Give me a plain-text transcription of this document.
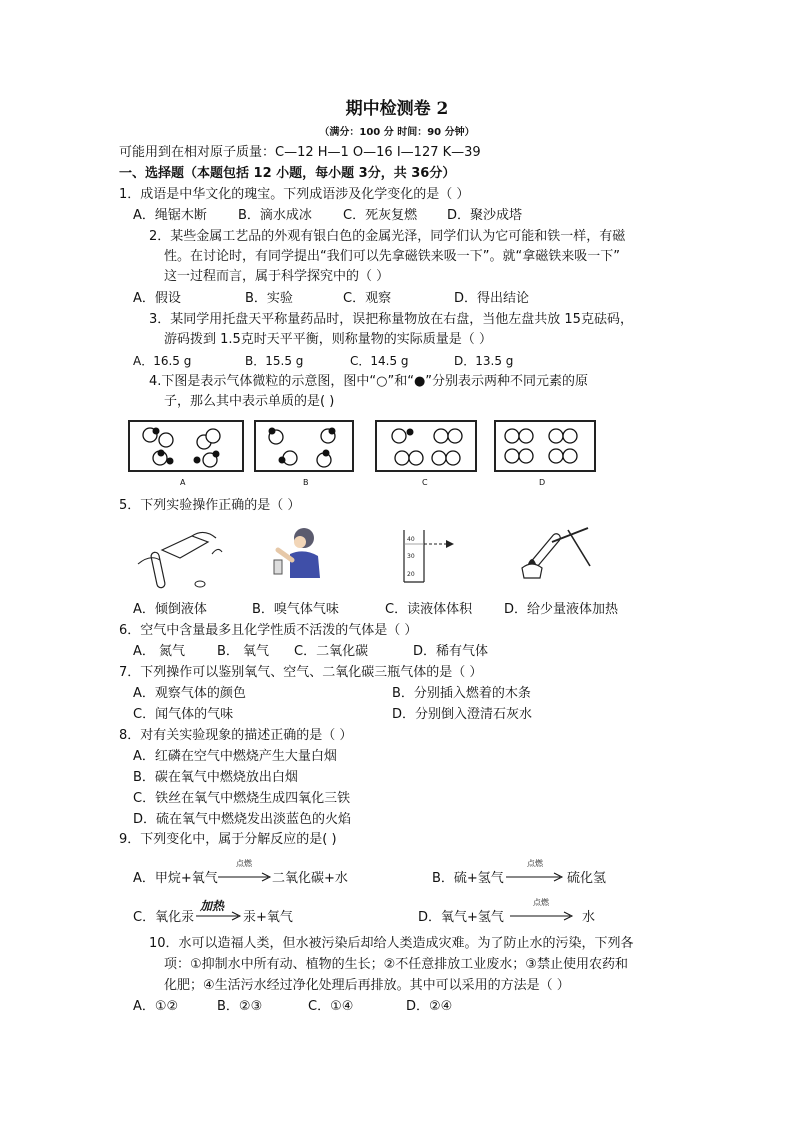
期中检测卷 2
（满分：100 分 时间：90 分钟）
可能用到在相对原子质量：C—12 H—1 O—16 I—127 K—39
一、选择题（本题包括 12 小题，每小题 3分，共 36分）
1．成语是中华文化的瑰宝。下列成语涉及化学变化的是（ ）
A．绳锯木断 B．滴水成冰 C．死灰复燃 D．聚沙成塔
2．某些金属工艺品的外观有银白色的金属光泽，同学们认为它可能和铁一样，有磁
性。在讨论时，有同学提出“我们可以先拿磁铁来吸一下”。就“拿磁铁来吸一下”
这一过程而言，属于科学探究中的（ ）
A．假设	B．实验	C．观察	D．得出结论
3．某同学用托盘天平称量药品时，误把称量物放在右盘，当他左盘共放 15克砝码，
游码拨到 1.5克时天平平衡，则称量物的实际质量是（ ）
A．16.5 g	B．15.5 g	C．14.5 g	D．13.5 g
4.下图是表示气体微粒的示意图，图中“○”和“●”分别表示两种不同元素的原
子，那么其中表示单质的是( )
A	B	C	D
5．下列实验操作正确的是（ ）
40
30
20
A．倾倒液体	B．嗅气体气味	C．读液体体积 D．给少量液体加热
6．空气中含量最多且化学性质不活泼的气体是（ ）
A． 氮气 B． 氧气 C．二氧化碳	D．稀有气体
7．下列操作可以鉴别氧气、空气、二氧化碳三瓶气体的是（ ）
A．观察气体的颜色	B．分别插入燃着的木条
C．闻气体的气味	D．分别倒入澄清石灰水
8．对有关实验现象的描述正确的是（ ）
A．红磷在空气中燃烧产生大量白烟
B．碳在氧气中燃烧放出白烟
C．铁丝在氧气中燃烧生成四氧化三铁
D．硫在氧气中燃烧发出淡蓝色的火焰
9．下列变化中，属于分解反应的是( )
A．甲烷+氧气
点燃
二氧化碳+水	B．硫+氢气
点燃
硫化氢
C．氧化汞
加热
汞+氧气	D．氧气+氢气
点燃
水
10．水可以造福人类，但水被污染后却给人类造成灾难。为了防止水的污染，下列各
项：①抑制水中所有动、植物的生长；②不任意排放工业废水；③禁止使用农药和
化肥；④生活污水经过净化处理后再排放。其中可以采用的方法是（ ）
A．①②	B．②③	C．①④	D．②④
